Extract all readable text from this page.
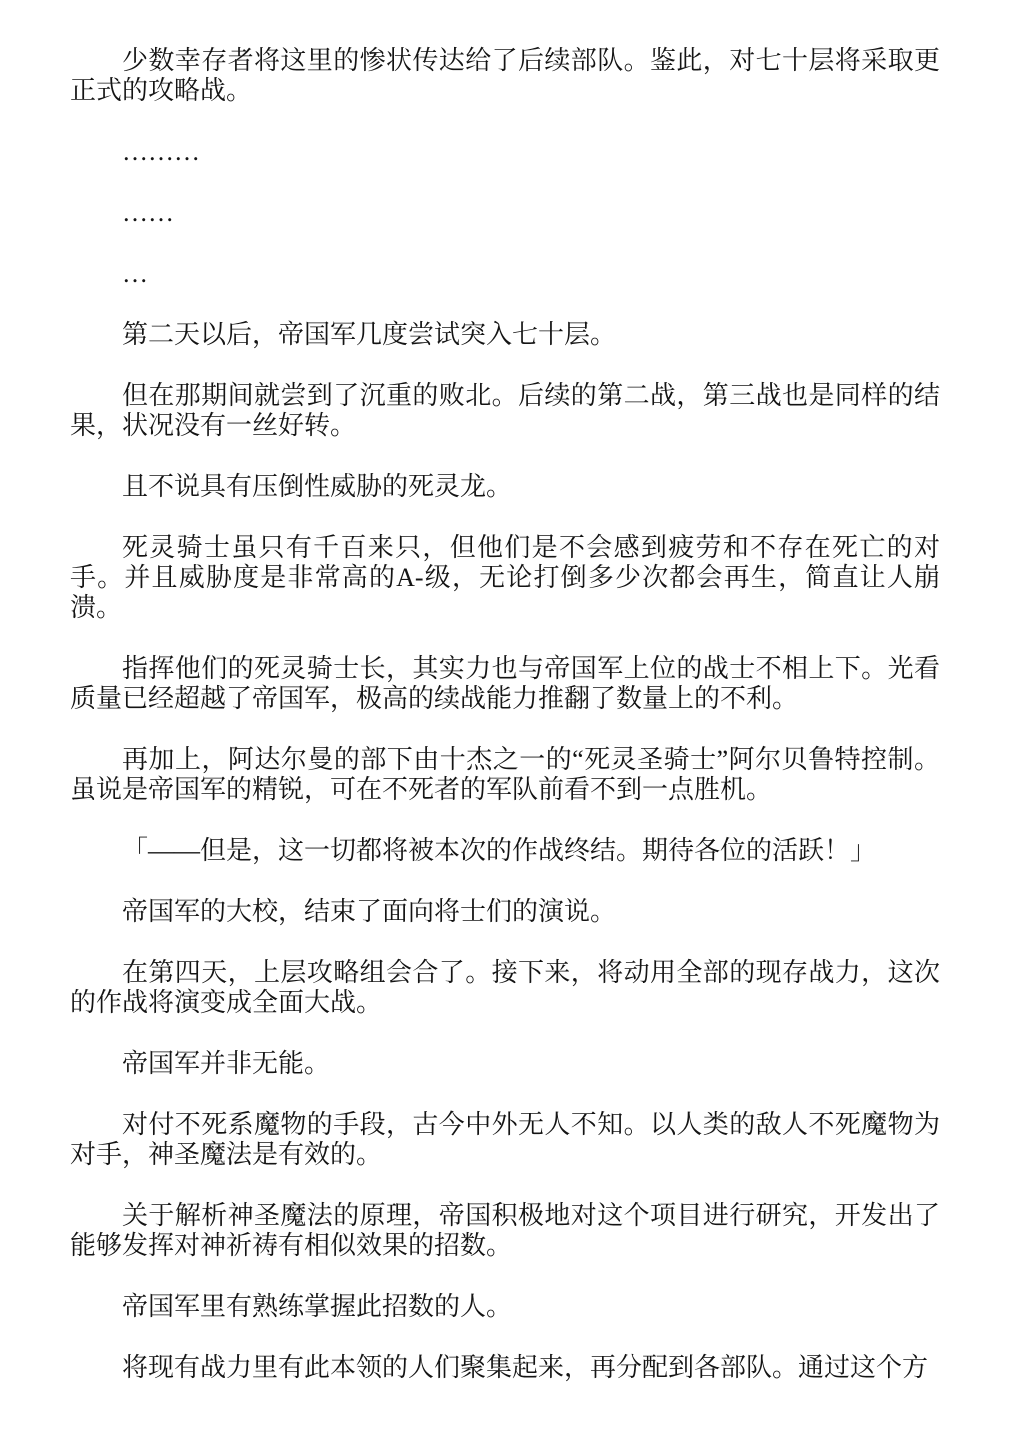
少数幸存者将这里的惨状传达给了后续部队。鉴此，对七十层将采取更正式的攻略战。

………

……

…

第二天以后，帝国军几度尝试突入七十层。

但在那期间就尝到了沉重的败北。后续的第二战，第三战也是同样的结果，状况没有一丝好转。

且不说具有压倒性威胁的死灵龙。

死灵骑士虽只有千百来只，但他们是不会感到疲劳和不存在死亡的对手。并且威胁度是非常高的A-级，无论打倒多少次都会再生，简直让人崩溃。

指挥他们的死灵骑士长，其实力也与帝国军上位的战士不相上下。光看质量已经超越了帝国军，极高的续战能力推翻了数量上的不利。

再加上，阿达尔曼的部下由十杰之一的“死灵圣骑士”阿尔贝鲁特控制。虽说是帝国军的精锐，可在不死者的军队前看不到一点胜机。

「——但是，这一切都将被本次的作战终结。期待各位的活跃！」

帝国军的大校，结束了面向将士们的演说。

在第四天，上层攻略组会合了。接下来，将动用全部的现存战力，这次的作战将演变成全面大战。

帝国军并非无能。

对付不死系魔物的手段，古今中外无人不知。以人类的敌人不死魔物为对手，神圣魔法是有效的。

关于解析神圣魔法的原理，帝国积极地对这个项目进行研究，开发出了能够发挥对神祈祷有相似效果的招数。

帝国军里有熟练掌握此招数的人。

将现有战力里有此本领的人们聚集起来，再分配到各部队。通过这个方
